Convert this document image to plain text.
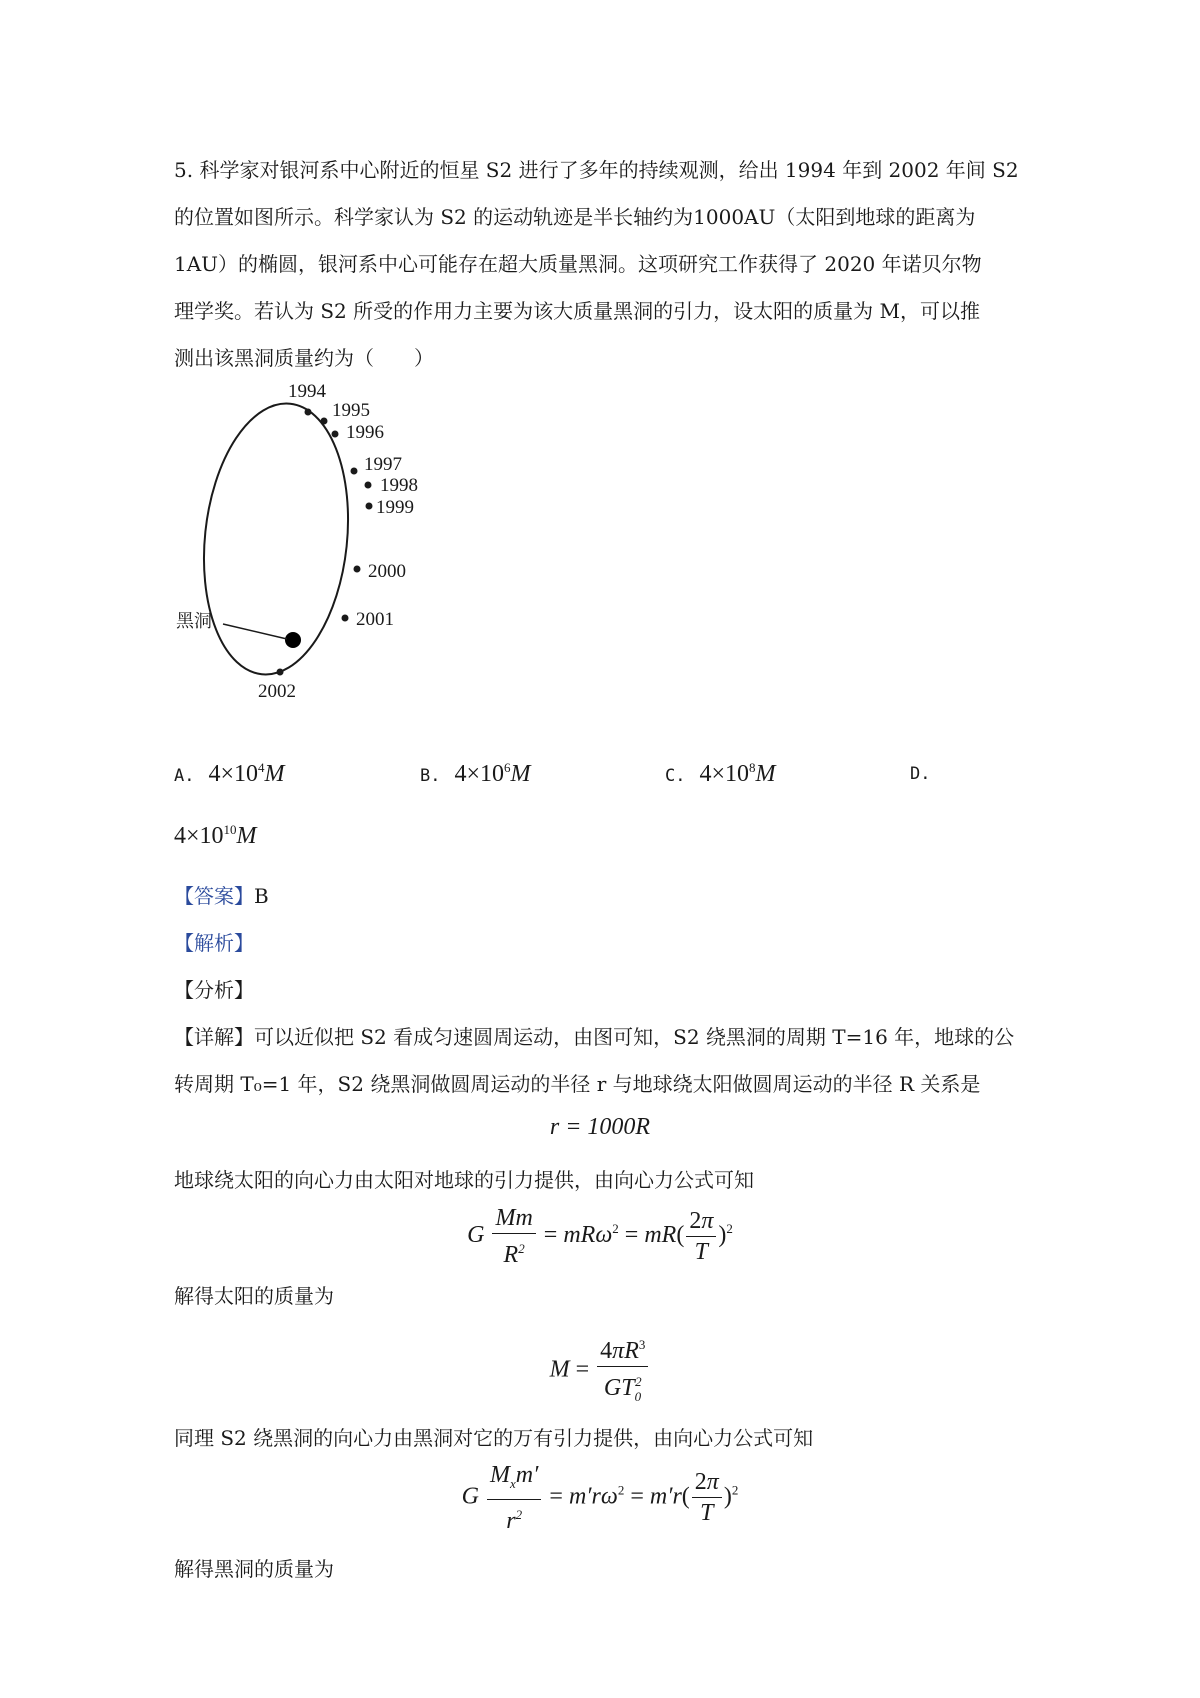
5. 科学家对银河系中心附近的恒星 S2 进行了多年的持续观测，给出 1994 年到 2002 年间 S2
的位置如图所示。科学家认为 S2 的运动轨迹是半长轴约为1000AU（太阳到地球的距离为
1AU）的椭圆，银河系中心可能存在超大质量黑洞。这项研究工作获得了 2020 年诺贝尔物
理学奖。若认为 S2 所受的作用力主要为该大质量黑洞的引力，设太阳的质量为 M，可以推
测出该黑洞质量约为（　　）
1994
1995
1996
1997
1998
1999
2000
2001
2002
黑洞
A. $4\times 10^4M$	B. $4\times 10^6M$	C. $4\times 10^8M$	D.
$4\times 10^{10}M$
【答案】B
【解析】
【分析】
【详解】可以近似把 S2 看成匀速圆周运动，由图可知，S2 绕黑洞的周期 T=16 年，地球的公
转周期 T₀=1 年，S2 绕黑洞做圆周运动的半径 r 与地球绕太阳做圆周运动的半径 R 关系是
r = 1000R
地球绕太阳的向心力由太阳对地球的引力提供，由向心力公式可知
G $\frac{Mm}{R^2} = mR\omega^2 = mR( \frac{2\pi}{T} )^2$
解得太阳的质量为
$M = \frac{4\pi R^3}{GT_0^2}$
同理 S2 绕黑洞的向心力由黑洞对它的万有引力提供，由向心力公式可知
G $\frac{M_xm'}{r^2} = m'r\omega^2 = m'r( \frac{2\pi}{T} )^2$
解得黑洞的质量为
